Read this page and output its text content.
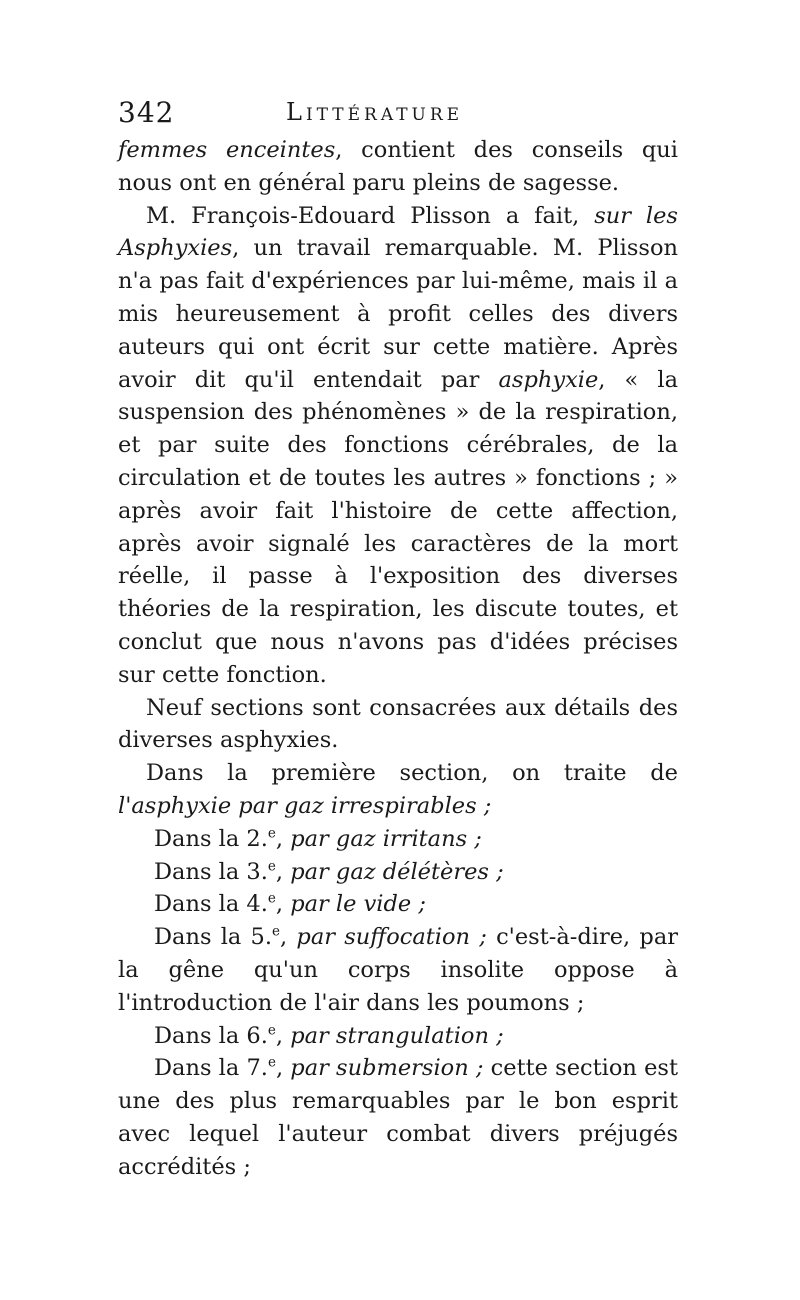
342	Littérature

femmes enceintes, contient des conseils qui nous ont en général paru pleins de sagesse.

M. François-Edouard Plisson a fait, sur les Asphyxies, un travail remarquable. M. Plisson n'a pas fait d'expériences par lui-même, mais il a mis heureusement à profit celles des divers auteurs qui ont écrit sur cette matière. Après avoir dit qu'il entendait par asphyxie, « la suspension des phénomènes » de la respiration, et par suite des fonctions cérébrales, de la circulation et de toutes les autres » fonctions ; » après avoir fait l'histoire de cette affection, après avoir signalé les caractères de la mort réelle, il passe à l'exposition des diverses théories de la respiration, les discute toutes, et conclut que nous n'avons pas d'idées précises sur cette fonction.

Neuf sections sont consacrées aux détails des diverses asphyxies.

Dans la première section, on traite de l'asphyxie par gaz irrespirables ;

Dans la 2.$^e$, par gaz irritans ;

Dans la 3.$^e$, par gaz délétères ;

Dans la 4.$^e$, par le vide ;

Dans la 5.$^e$, par suffocation ; c'est-à-dire, par la gêne qu'un corps insolite oppose à l'introduction de l'air dans les poumons ;

Dans la 6.$^e$, par strangulation ;

Dans la 7.$^e$, par submersion ; cette section est une des plus remarquables par le bon esprit avec lequel l'auteur combat divers préjugés accrédités ;
